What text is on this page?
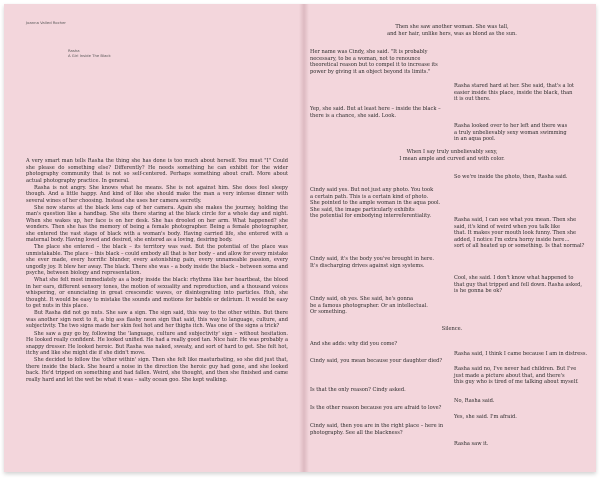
Joanna Valled Rocher
Rasha
A Girl Inside The Black

A very smart man tells Rasha the thing she has done is too much about herself. You must "I" Could she please do something else? Differently? He needs something he can exhibit for the wider photography community that is not so self-centered. Perhaps something about craft. More about actual photography practice. In general.

Rasha is not angry. She knows what he means. She is not against him. She does feel sleepy though. And a little happy. And kind of like she should make the man a very intense dinner with several wines of her choosing. Instead she uses her camera secretly.

She now stares at the black lens cap of her camera. Again she makes the journey, holding the man's question like a handbag. She sits there staring at the black circle for a whole day and night. When she wakes up, her face is on her desk. She has drooled on her arm. What happened? she wonders. Then she has the memory of being a female photographer. Being a female photographer, she entered the vast stage of black with a woman's body. Having carried life, she entered with a maternal body. Having loved and desired, she entered as a loving, desiring body.

The place she entered – the black – its territory was vast. But the potential of the place was unmistakable. The place – this black – could embody all that is her body – and allow for every mistake she ever made, every horrific blunder, every astonishing pain, every unnameable passion, every ungodly joy. It blew her away. The black. There she was – a body inside the black – between soma and psyche, between biology and representation.

What she felt most immediately as a body inside the black: rhythms like her heartbeat, the blood in her ears, different sensory tones, the motion of sexuality and reproduction, and a thousand voices whispering, or enunciating in great crescendic waves, or disintegrating into particles. Huh, she thought. It would be easy to mistake the sounds and motions for babble or delirium. It would be easy to get nuts in this place.

But Rasha did not go nuts. She saw a sign. The sign said, this way to the other within. But there was another sign next to it, a big ass flashy neon sign that said, this way to language, culture, and subjectivity. The two signs made her skin feel hot and her thighs itch. Was one of the signs a trick?

She saw a guy go by, following the 'language, culture and subjectivity' sign – without hesitation. He looked really confident. He looked unified. He had a really good tan. Nice hair. He was probably a snappy dresser. He looked heroic. But Rasha was naked, sweaty, and sort of hard to get. She felt hot, itchy and like she might die if she didn't move.

She decided to follow the 'other within' sign. Then she felt like masturbating, so she did just that, there inside the black. She heard a noise in the direction the heroic guy had gone, and she looked back. He'd tripped on something and had fallen. Weird, she thought, and then she finished and came really hard and let the wet be what it was – salty ocean goo. She kept walking.

Then she saw another woman. She was tall,
and her hair, unlike hers, was as blond as the sun.
Her name was Cindy, she said. "It is probably
necessary, to be a woman, not to renounce
theoretical reason but to compel it to increase its
power by giving it an object beyond its limits."
Rasha stared hard at her. She said, that's a lot
easier inside this place, inside the black, than
it is out there.
Yep, she said. But at least here – inside the black –
there is a chance, she said. Look.
Rasha looked over to her left and there was
a truly unbelievably sexy woman swimming
in an aqua pool.
When I say truly unbelievably sexy,
I mean ample and curved and with color.
So we're inside the photo, then, Rasha said.
Cindy said yes. But not just any photo. You took
a certain path. This is a certain kind of photo.
She pointed to the ample woman in the aqua pool.
She said, the image particularly exhibits
the potential for embodying interreferentiality.
Rasha said, I can see what you mean. Then she
said, it's kind of weird when you talk like
that. It makes your mouth look funny. Then she
added, I notice I'm extra horny inside here…
sort of all heated up or something. Is that normal?
Cindy said, it's the body you've brought in here.
It's discharging drives against sign systems.
Cool, she said. I don't know what happened to
that guy that tripped and fell down. Rasha asked,
is he gonna be ok?
Cindy said, oh yes. She said, he's gonna
be a famous photographer. Or an intellectual.
Or something.
Silence.
And she adds: why did you come?
Rasha said, I think I came because I am in distress.
Cindy said, you mean because your daughter died?
Rasha said no, I've never had children. But I've
just made a picture about that, and there's
this guy who is tired of me talking about myself.
Is that the only reason? Cindy asked.
No, Rasha said.
Is the other reason because you are afraid to love?
Yes, she said. I'm afraid.
Cindy said, then you are in the right place – here in
photography. See all the blackness?
Rasha saw it.
